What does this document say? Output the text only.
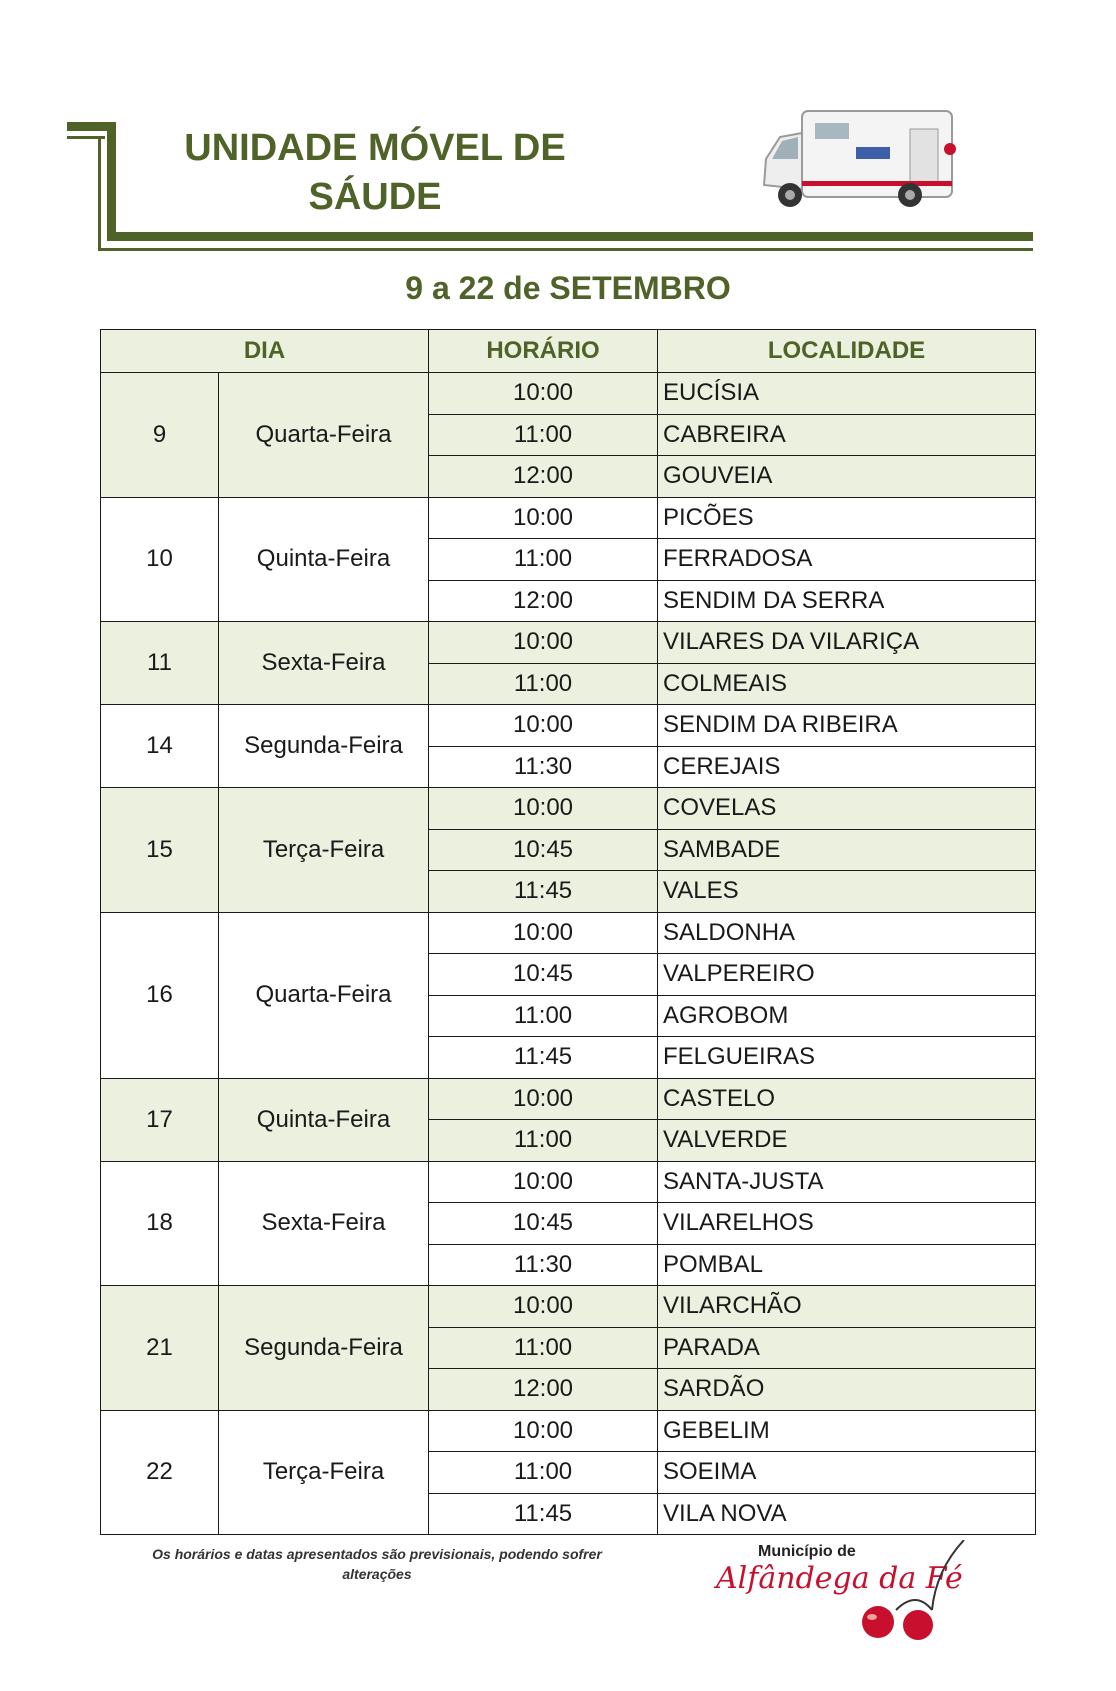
UNIDADE MÓVEL DE
SÁUDE
9 a 22 de SETEMBRO
DIA		HORÁRIO	LOCALIDADE
9	Quarta-Feira	10:00	EUCÍSIA
		11:00	CABREIRA
		12:00	GOUVEIA
10	Quinta-Feira	10:00	PICÕES
		11:00	FERRADOSA
		12:00	SENDIM DA SERRA
11	Sexta-Feira	10:00	VILARES DA VILARIÇA
		11:00	COLMEAIS
14	Segunda-Feira	10:00	SENDIM DA RIBEIRA
		11:30	CEREJAIS
15	Terça-Feira	10:00	COVELAS
		10:45	SAMBADE
		11:45	VALES
16	Quarta-Feira	10:00	SALDONHA
		10:45	VALPEREIRO
		11:00	AGROBOM
		11:45	FELGUEIRAS
17	Quinta-Feira	10:00	CASTELO
		11:00	VALVERDE
18	Sexta-Feira	10:00	SANTA-JUSTA
		10:45	VILARELHOS
		11:30	POMBAL
21	Segunda-Feira	10:00	VILARCHÃO
		11:00	PARADA
		12:00	SARDÃO
22	Terça-Feira	10:00	GEBELIM
		11:00	SOEIMA
		11:45	VILA NOVA
Os horários e datas apresentados são previsionais, podendo sofrer alterações	Alfândega da Fé
Município de
